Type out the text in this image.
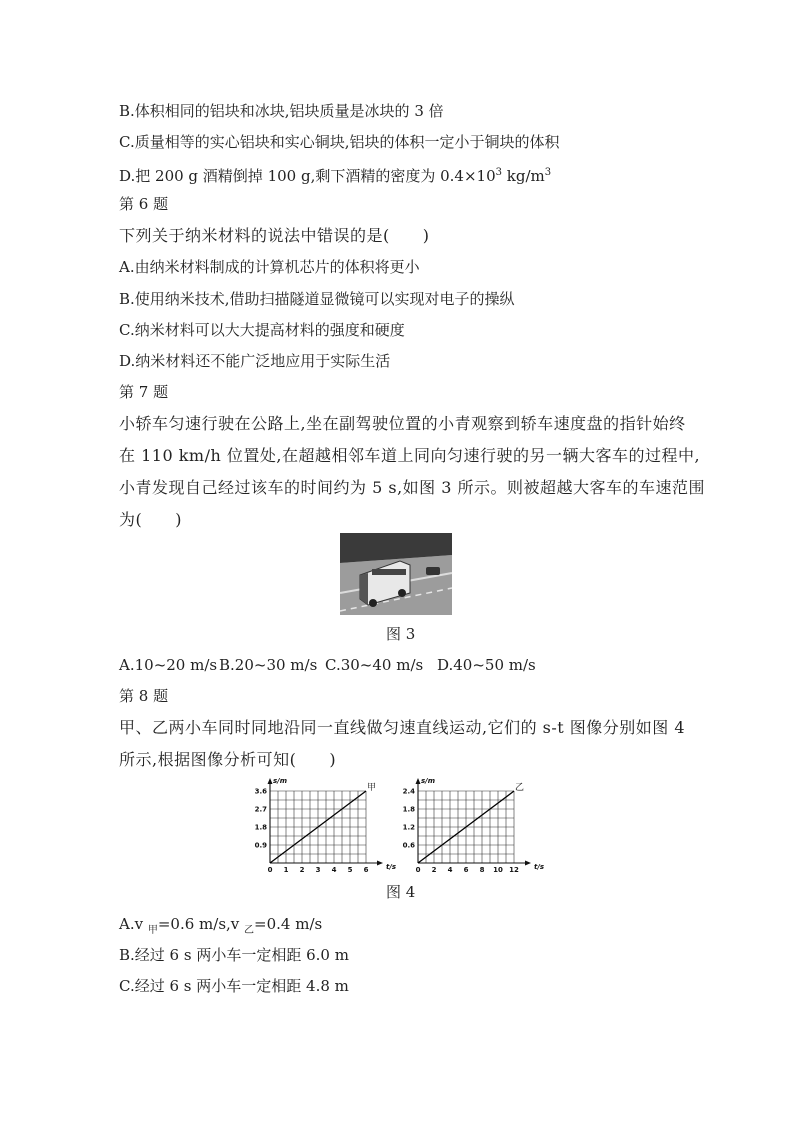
B.体积相同的铝块和冰块,铝块质量是冰块的 3 倍
C.质量相等的实心铝块和实心铜块,铝块的体积一定小于铜块的体积
D.把 200 g 酒精倒掉 100 g,剩下酒精的密度为 $0.4\times 10^3$ $kg/m^3$
第 6 题
下列关于纳米材料的说法中错误的是(　　)
A.由纳米材料制成的计算机芯片的体积将更小
B.使用纳米技术,借助扫描隧道显微镜可以实现对电子的操纵
C.纳米材料可以大大提高材料的强度和硬度
D.纳米材料还不能广泛地应用于实际生活
第 7 题
小轿车匀速行驶在公路上,坐在副驾驶位置的小青观察到轿车速度盘的指针始终
在 110 km/h 位置处,在超越相邻车道上同向匀速行驶的另一辆大客车的过程中,
小青发现自己经过该车的时间约为 5 s,如图 3 所示。则被超越大客车的车速范围
为(　　)
图 3
A.10~20 m/s B.20~30 m/s C.30~40 m/s D.40~50 m/s
第 8 题
甲、乙两小车同时同地沿同一直线做匀速直线运动,它们的 s-t 图像分别如图 4
所示,根据图像分析可知(　　)
0 1 2 3 4 5 6
0.9
1.8
2.7
3.6
t/s
s/m
甲
0 2 4 6 8 10 12
0.6
1.2
1.8
2.4
t/s
s/m
乙
图 4
A.v $_甲$=0.6 m/s,v $_乙$=0.4 m/s
B.经过 6 s 两小车一定相距 6.0 m
C.经过 6 s 两小车一定相距 4.8 m
